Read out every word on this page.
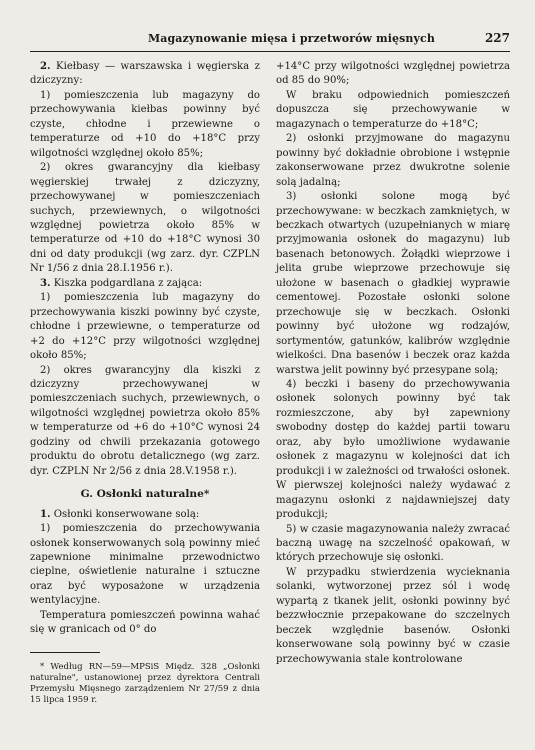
Magazynowanie mięsa i przetworów mięsnych	227

2. Kiełbasy — warszawska i węgierska z dziczyzny:

1) pomieszczenia lub magazyny do przechowywania kiełbas powinny być czyste, chłodne i przewiewne o temperaturze od +10 do +18°C przy wilgotności względnej około 85%;

2) okres gwarancyjny dla kiełbasy węgierskiej trwałej z dziczyzny, przechowywanej w pomieszczeniach suchych, przewiewnych, o wilgotności względnej powietrza około 85% w temperaturze od +10 do +18°C wynosi 30 dni od daty produkcji (wg zarz. dyr. CZPLN Nr 1/56 z dnia 28.I.1956 r.).

3. Kiszka podgardlana z zająca:

1) pomieszczenia lub magazyny do przechowywania kiszki powinny być czyste, chłodne i przewiewne, o temperaturze od +2 do +12°C przy wilgotności względnej około 85%;

2) okres gwarancyjny dla kiszki z dziczyzny przechowywanej w pomieszczeniach suchych, przewiewnych, o wilgotności względnej powietrza około 85% w temperaturze od +6 do +10°C wynosi 24 godziny od chwili przekazania gotowego produktu do obrotu detalicznego (wg zarz. dyr. CZPLN Nr 2/56 z dnia 28.V.1958 r.).

G. Osłonki naturalne*

1. Osłonki konserwowane solą:

1) pomieszczenia do przechowywania osłonek konserwowanych solą powinny mieć zapewnione minimalne przewodnictwo cieplne, oświetlenie naturalne i sztuczne oraz być wyposażone w urządzenia wentylacyjne.

Temperatura pomieszczeń powinna wahać się w granicach od 0° do

+14°C przy wilgotności względnej powietrza od 85 do 90%;

W braku odpowiednich pomieszczeń dopuszcza się przechowywanie w magazynach o temperaturze do +18°C;

2) osłonki przyjmowane do magazynu powinny być dokładnie obrobione i wstępnie zakonserwowane przez dwukrotne solenie solą jadalną;

3) osłonki solone mogą być przechowywane: w beczkach zamkniętych, w beczkach otwartych (uzupełnianych w miarę przyjmowania osłonek do magazynu) lub basenach betonowych. Żołądki wieprzowe i jelita grube wieprzowe przechowuje się ułożone w basenach o gładkiej wyprawie cementowej. Pozostałe osłonki solone przechowuje się w beczkach. Osłonki powinny być ułożone wg rodzajów, sortymentów, gatunków, kalibrów względnie wielkości. Dna basenów i beczek oraz każda warstwa jelit powinny być przesypane solą;

4) beczki i baseny do przechowywania osłonek solonych powinny być tak rozmieszczone, aby był zapewniony swobodny dostęp do każdej partii towaru oraz, aby było umożliwione wydawanie osłonek z magazynu w kolejności dat ich produkcji i w zależności od trwałości osłonek. W pierwszej kolejności należy wydawać z magazynu osłonki z najdawniejszej daty produkcji;

5) w czasie magazynowania należy zwracać baczną uwagę na szczelność opakowań, w których przechowuje się osłonki.

W przypadku stwierdzenia wycieknania solanki, wytworzonej przez sól i wodę wypartą z tkanek jelit, osłonki powinny być bezzwłocznie przepakowane do szczelnych beczek względnie basenów. Osłonki konserwowane solą powinny być w czasie przechowywania stale kontrolowane

* Według RN—59—MPSiS Międz. 328 „Osłonki naturalne", ustanowionej przez dyrektora Centrali Przemysłu Mięsnego zarządzeniem Nr 27/59 z dnia 15 lipca 1959 r.
